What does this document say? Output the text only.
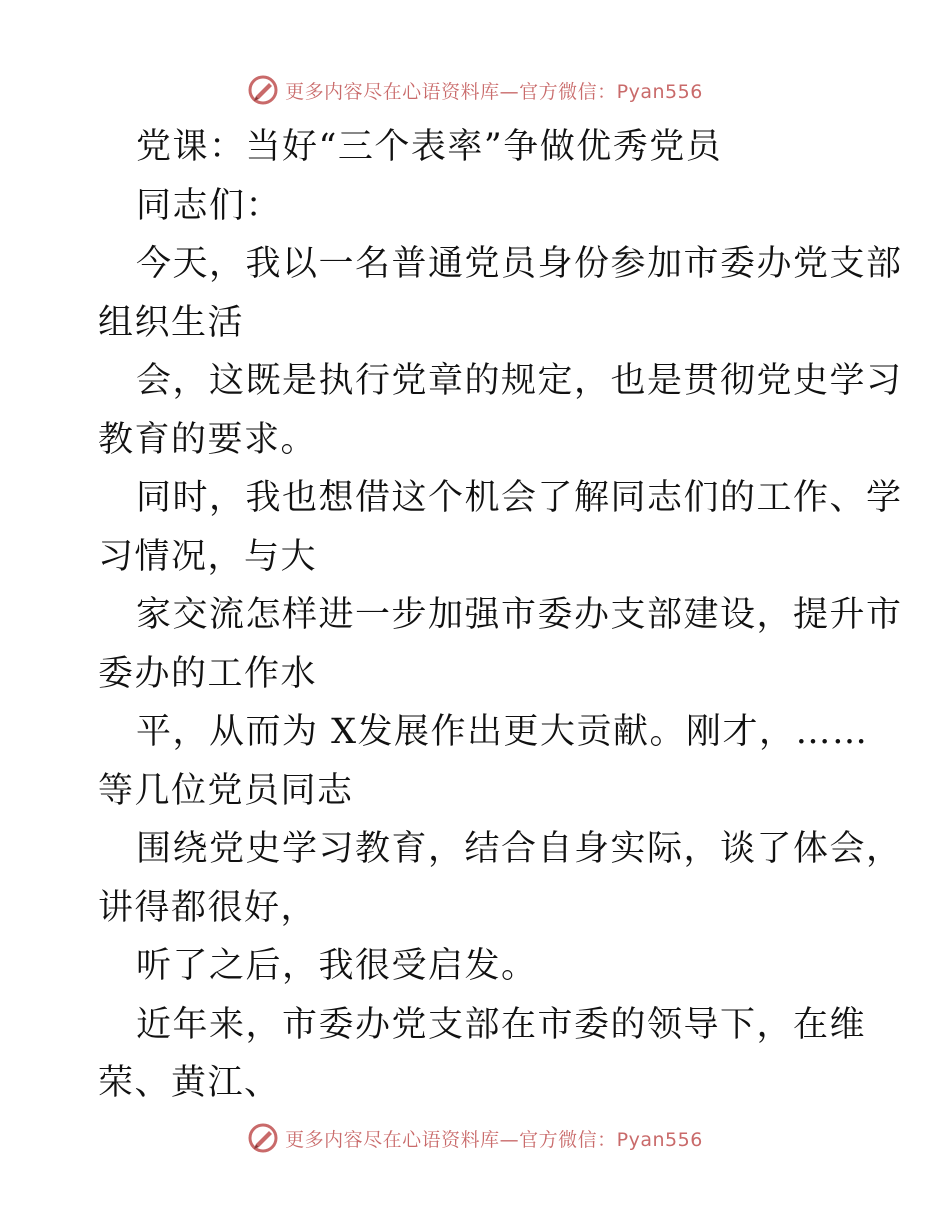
更多内容尽在心语资料库—官方微信：Pyan556
党课：当好“三个表率”争做优秀党员
同志们：
今天，我以一名普通党员身份参加市委办党支部
组织生活
会，这既是执行党章的规定，也是贯彻党史学习
教育的要求。
同时，我也想借这个机会了解同志们的工作、学
习情况，与大
家交流怎样进一步加强市委办支部建设，提升市
委办的工作水
平，从而为 X发展作出更大贡献。刚才，……
等几位党员同志
围绕党史学习教育，结合自身实际，谈了体会，
讲得都很好，
听了之后，我很受启发。
近年来，市委办党支部在市委的领导下，在维
荣、黄江、
更多内容尽在心语资料库—官方微信：Pyan556
